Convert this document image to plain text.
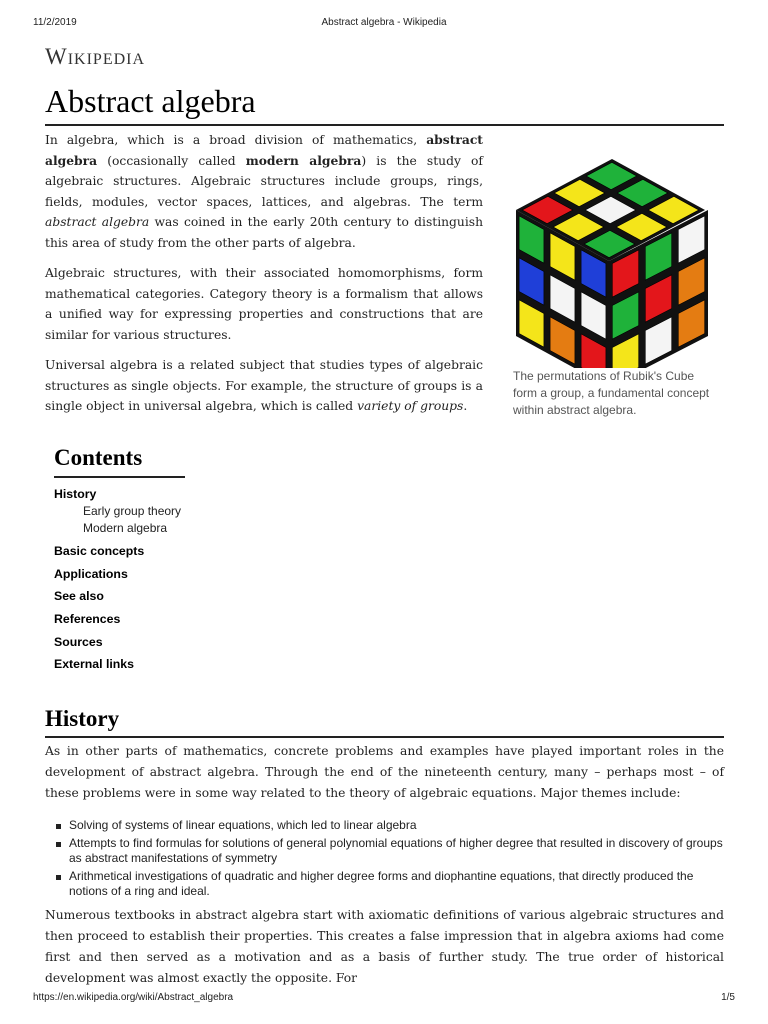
11/2/2019	Abstract algebra - Wikipedia
Wikipedia
Abstract algebra

In algebra, which is a broad division of mathematics, abstract algebra (occasionally called modern algebra) is the study of algebraic structures. Algebraic structures include groups, rings, fields, modules, vector spaces, lattices, and algebras. The term abstract algebra was coined in the early 20th century to distinguish this area of study from the other parts of algebra.

Algebraic structures, with their associated homomorphisms, form mathematical categories. Category theory is a formalism that allows a unified way for expressing properties and constructions that are similar for various structures.

Universal algebra is a related subject that studies types of algebraic structures as single objects. For example, the structure of groups is a single object in universal algebra, which is called variety of groups.

The permutations of Rubik's Cube form a group, a fundamental concept within abstract algebra.
Contents
History
Early group theory
Modern algebra
Basic concepts
Applications
See also
References
Sources
External links
History
As in other parts of mathematics, concrete problems and examples have played important roles in the development of abstract algebra. Through the end of the nineteenth century, many – perhaps most – of these problems were in some way related to the theory of algebraic equations. Major themes include:
Solving of systems of linear equations, which led to linear algebra
Attempts to find formulas for solutions of general polynomial equations of higher degree that resulted in discovery of groups as abstract manifestations of symmetry
Arithmetical investigations of quadratic and higher degree forms and diophantine equations, that directly produced the notions of a ring and ideal.
Numerous textbooks in abstract algebra start with axiomatic definitions of various algebraic structures and then proceed to establish their properties. This creates a false impression that in algebra axioms had come first and then served as a motivation and as a basis of further study. The true order of historical development was almost exactly the opposite. For
https://en.wikipedia.org/wiki/Abstract_algebra	1/5
